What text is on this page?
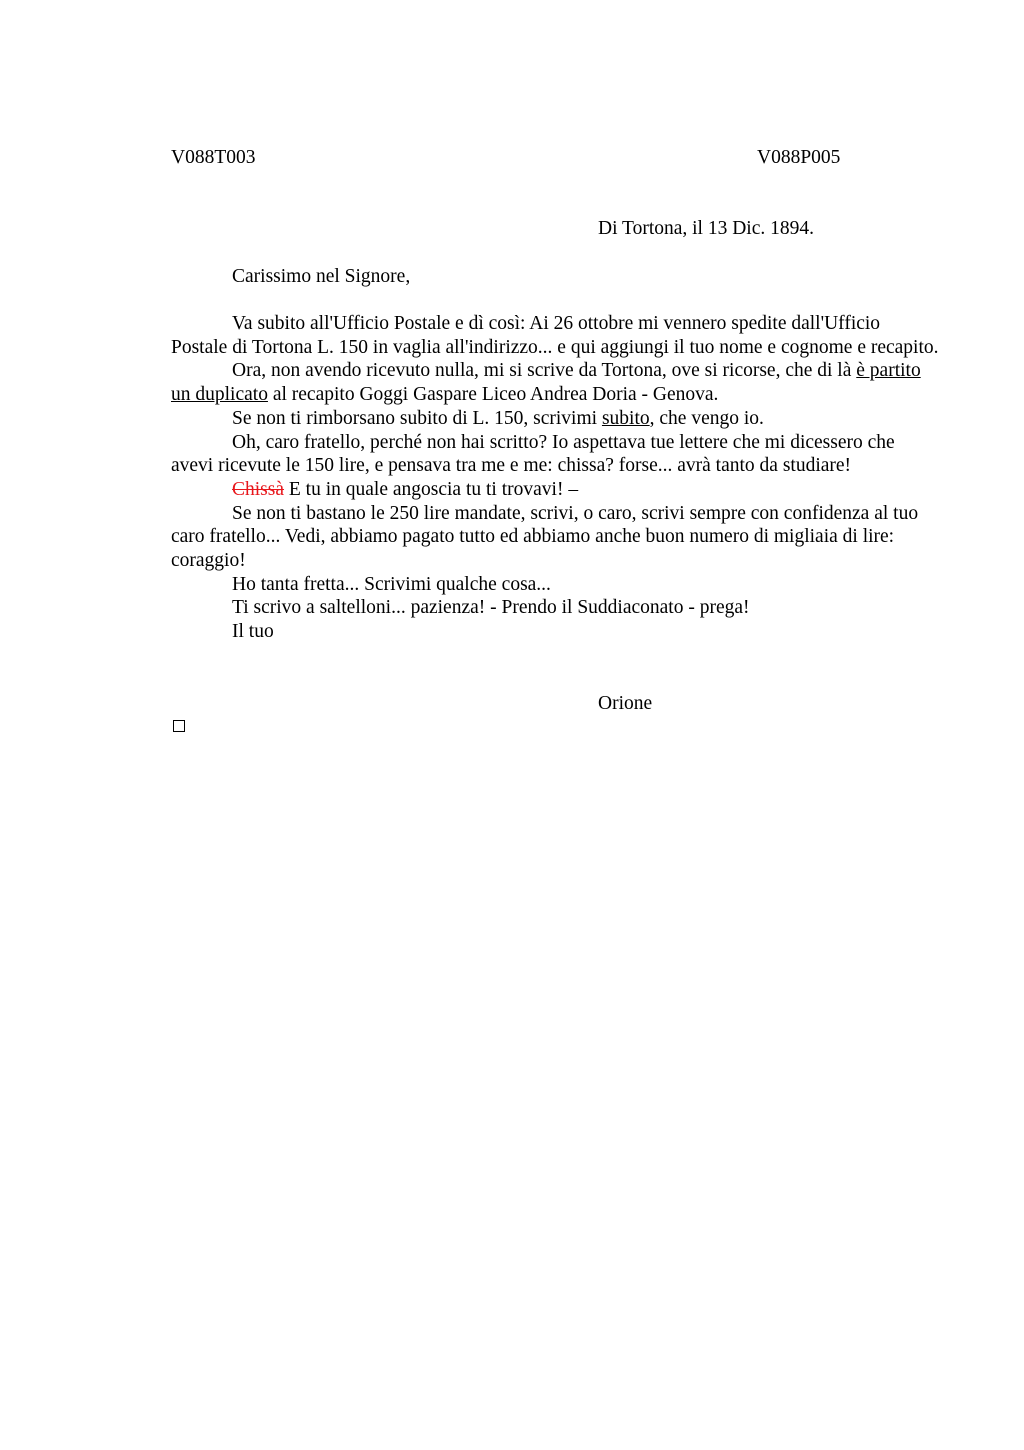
V088T003	V088P005
Di Tortona, il 13 Dic. 1894.
Carissimo nel Signore,

Va subito all'Ufficio Postale e dì così: Ai 26 ottobre mi vennero spedite dall'Ufficio Postale di Tortona L. 150 in vaglia all'indirizzo... e qui aggiungi il tuo nome e cognome e recapito.

Ora, non avendo ricevuto nulla, mi si scrive da Tortona, ove si ricorse, che di là è partito un duplicato al recapito Goggi Gaspare Liceo Andrea Doria - Genova.

Se non ti rimborsano subito di L. 150, scrivimi subito, che vengo io.

Oh, caro fratello, perché non hai scritto? Io aspettava tue lettere che mi dicessero che avevi ricevute le 150 lire, e pensava tra me e me: chissa? forse... avrà tanto da studiare!

Chissà E tu in quale angoscia tu ti trovavi! –

Se non ti bastano le 250 lire mandate, scrivi, o caro, scrivi sempre con confidenza al tuo caro fratello... Vedi, abbiamo pagato tutto ed abbiamo anche buon numero di migliaia di lire: coraggio!

Ho tanta fretta... Scrivimi qualche cosa...

Ti scrivo a saltelloni... pazienza! - Prendo il Suddiaconato - prega!

Il tuo

Orione
